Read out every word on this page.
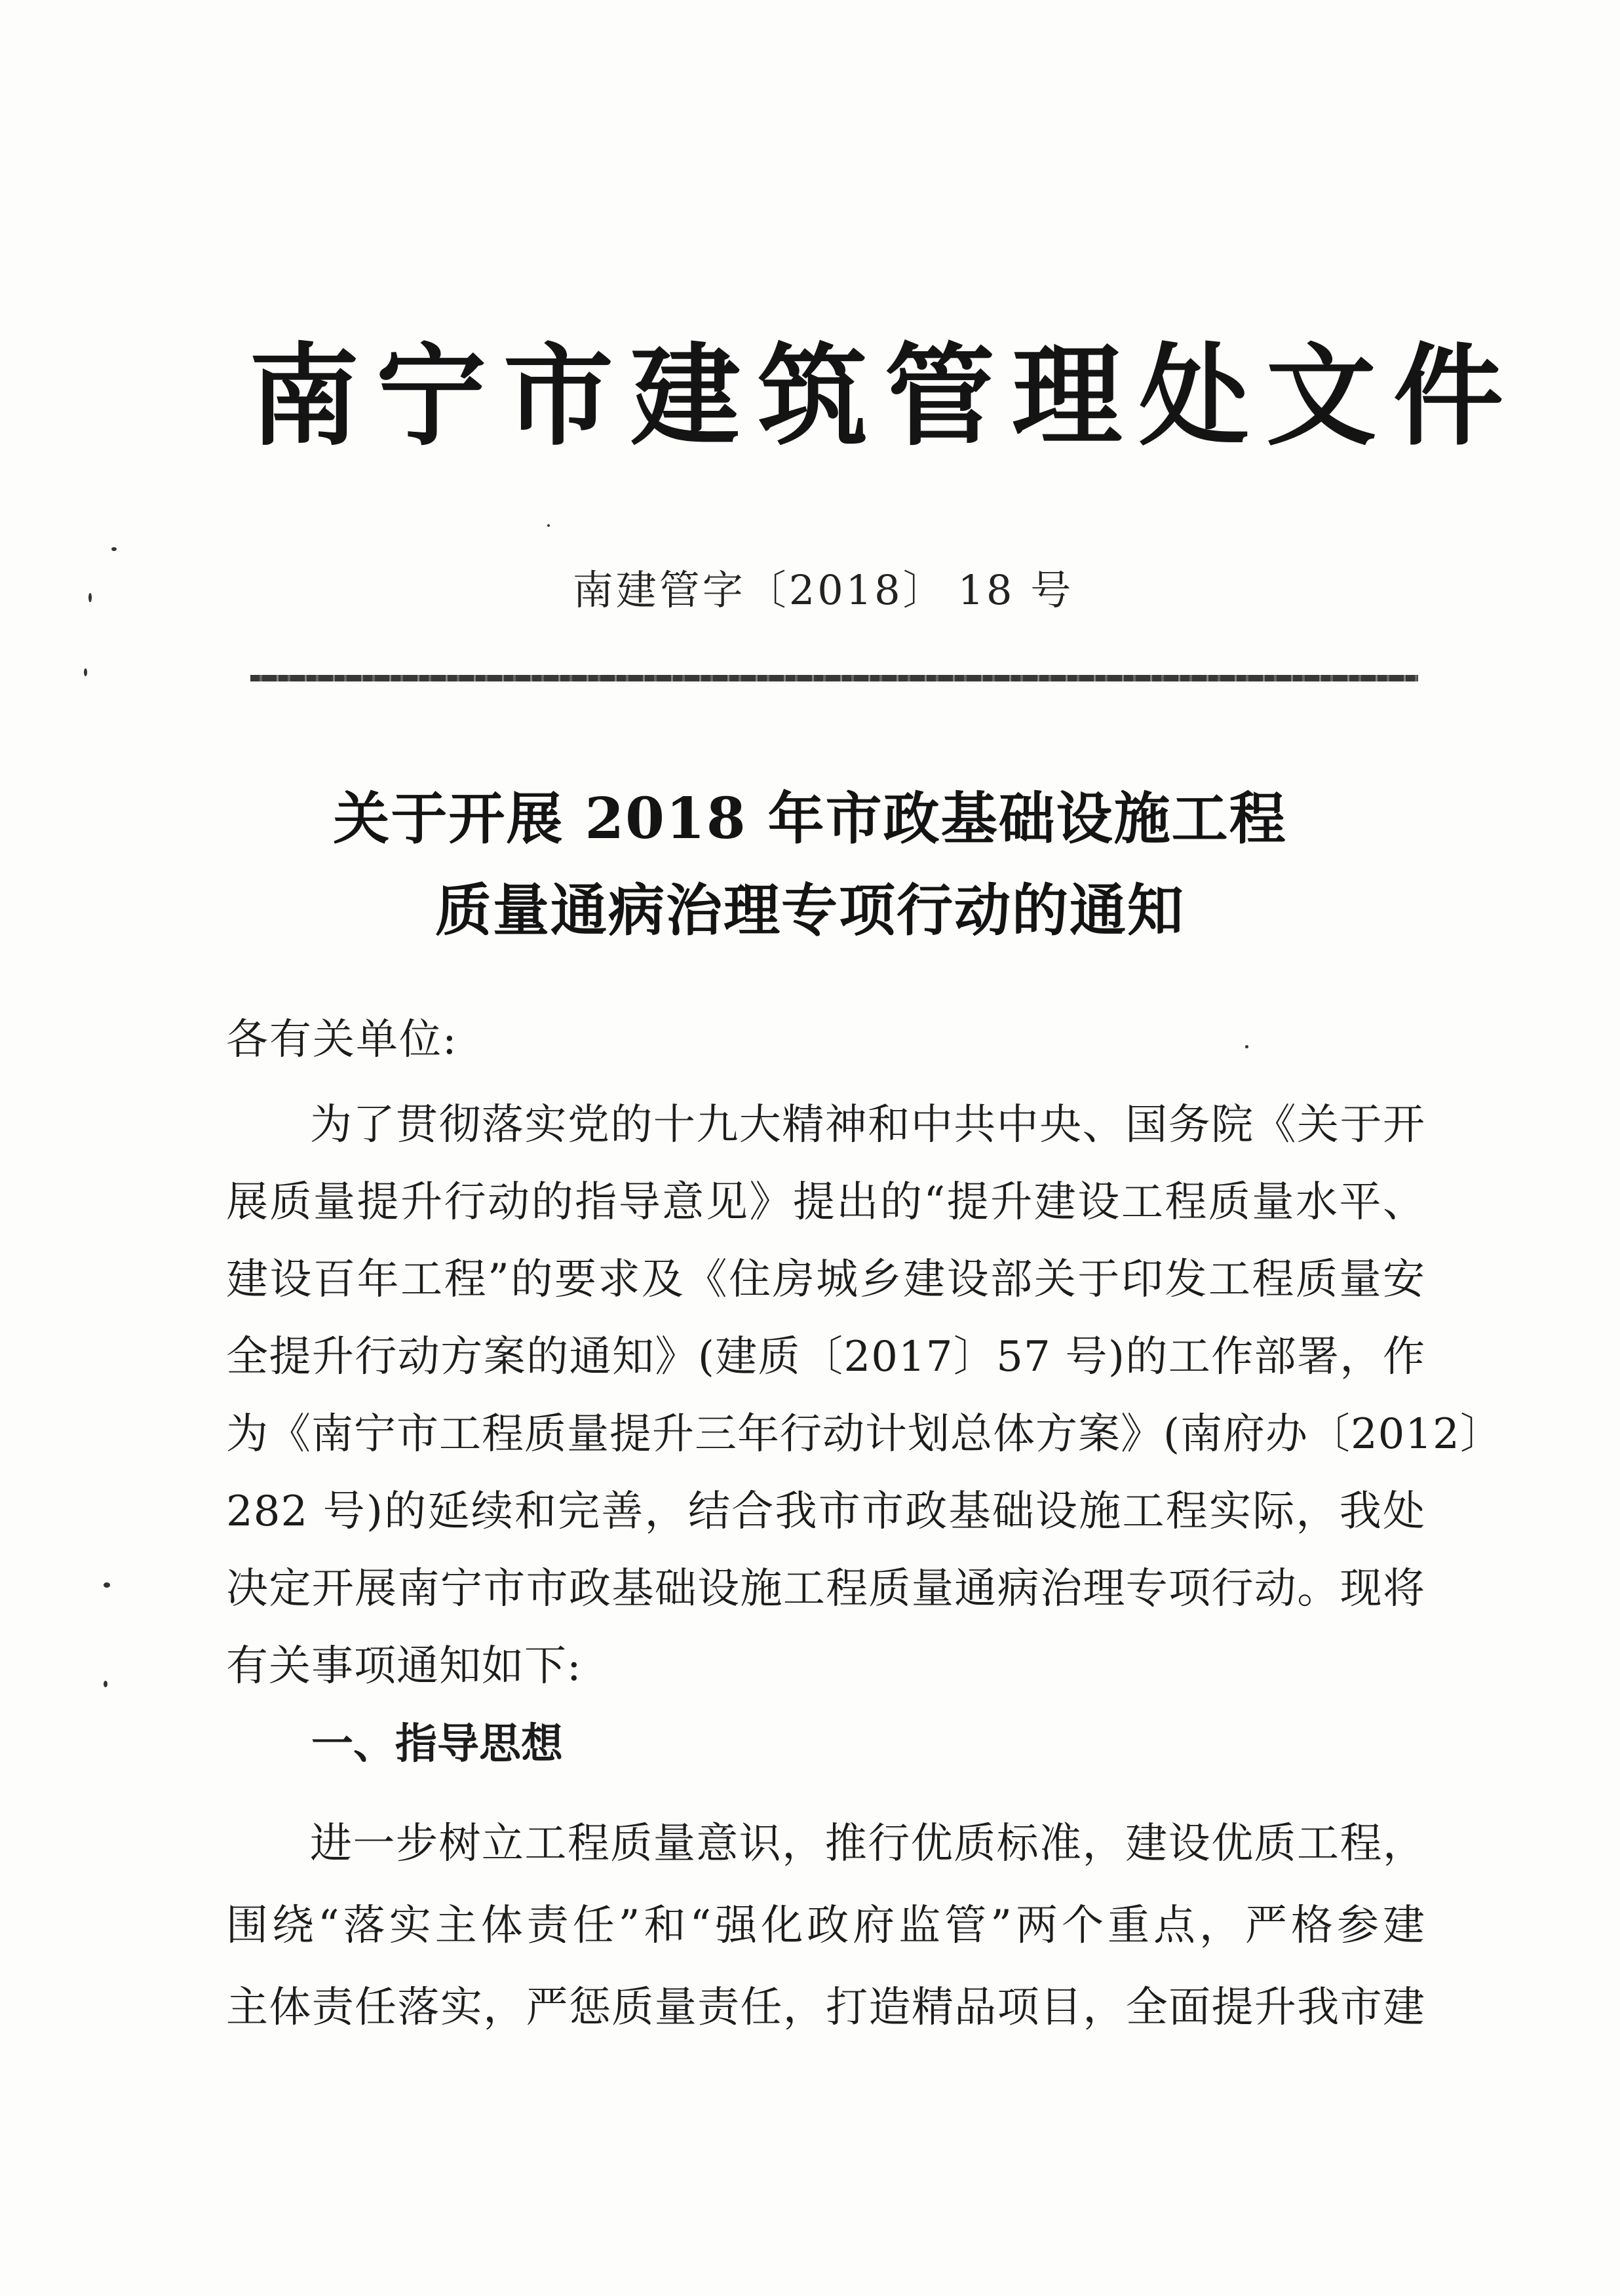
南宁市建筑管理处文件
南建管字〔2018〕 18 号
关于开展 2018 年市政基础设施工程
质量通病治理专项行动的通知
各有关单位:
为了贯彻落实党的十九大精神和中共中央、国务院《关于开
展质量提升行动的指导意见》提出的“提升建设工程质量水平、
建设百年工程”的要求及《住房城乡建设部关于印发工程质量安
全提升行动方案的通知》(建质〔2017〕57 号)的工作部署，作
为《南宁市工程质量提升三年行动计划总体方案》(南府办〔2012〕
282 号)的延续和完善，结合我市市政基础设施工程实际，我处
决定开展南宁市市政基础设施工程质量通病治理专项行动。现将
有关事项通知如下:
一、指导思想
进一步树立工程质量意识，推行优质标准，建设优质工程，
围绕“落实主体责任”和“强化政府监管”两个重点，严格参建
主体责任落实，严惩质量责任，打造精品项目，全面提升我市建
